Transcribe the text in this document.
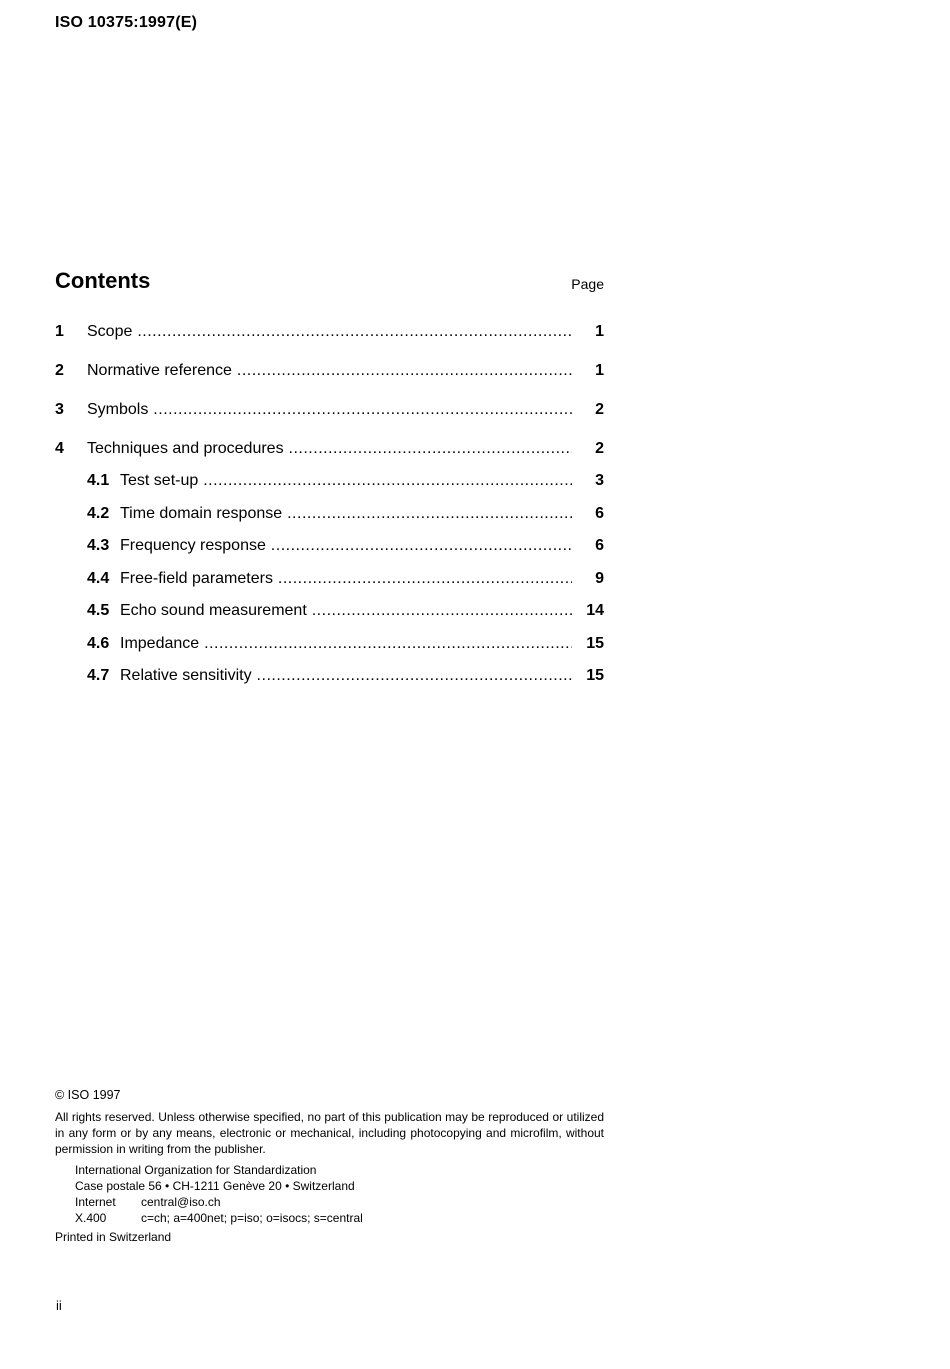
ISO 10375:1997(E)
Contents	Page
1 Scope .....	1
2 Normative reference .....	1
3 Symbols .....	2
4 Techniques and procedures .....	2
4.1 Test set-up .....	3
4.2 Time domain response .....	6
4.3 Frequency response .....	6
4.4 Free-field parameters .....	9
4.5 Echo sound measurement .....	14
4.6 Impedance .....	15
4.7 Relative sensitivity .....	15
© ISO 1997
All rights reserved. Unless otherwise specified, no part of this publication may be reproduced or utilized in any form or by any means, electronic or mechanical, including photocopying and microfilm, without permission in writing from the publisher.
International Organization for Standardization
Case postale 56 • CH-1211 Genève 20 • Switzerland
Internet central@iso.ch
X.400	c=ch; a=400net; p=iso; o=isocs; s=central
Printed in Switzerland
ii
